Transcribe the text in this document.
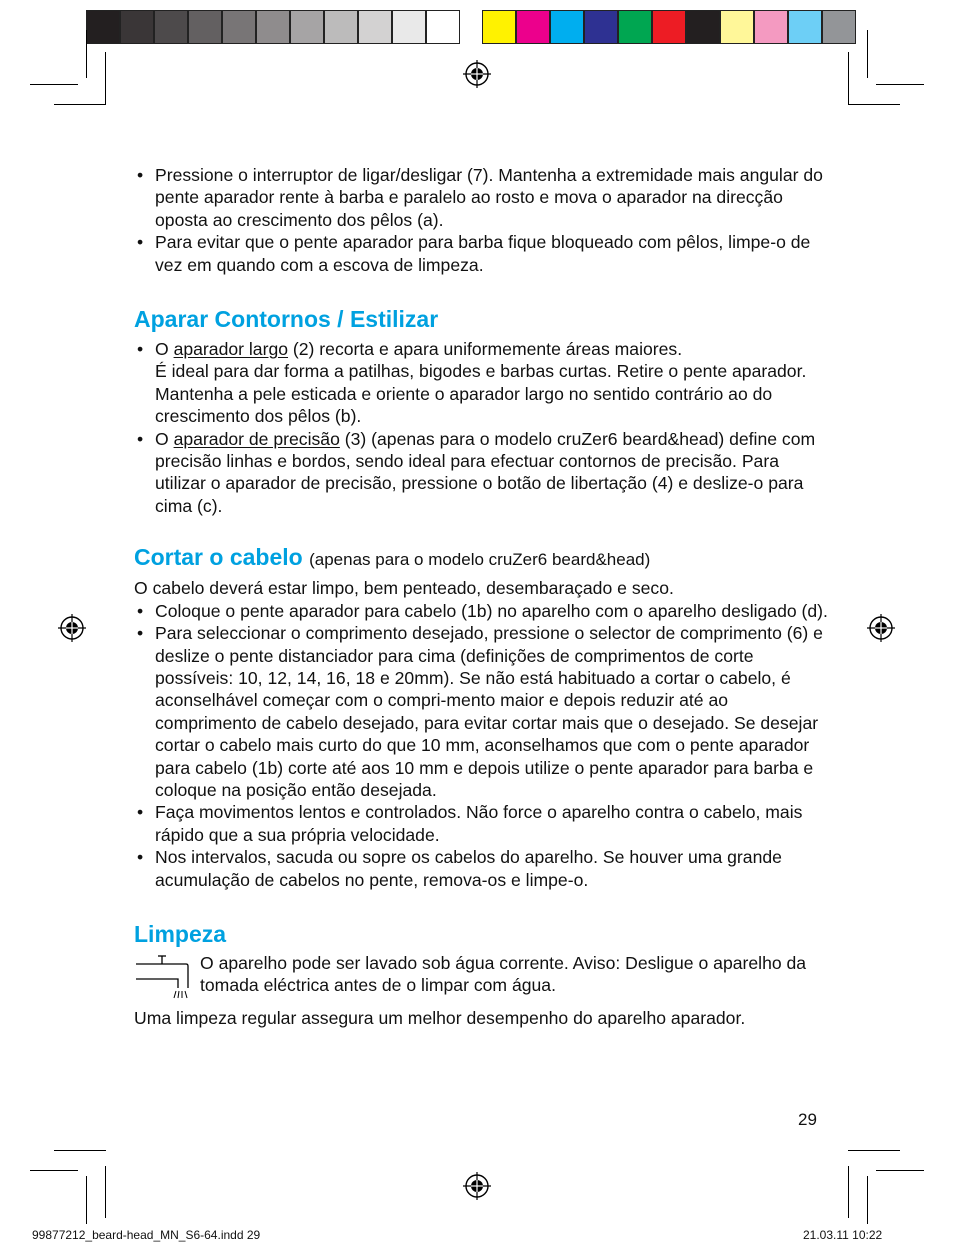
• Pressione o interruptor de ligar/desligar (7). Mantenha a extremidade mais angular do pente aparador rente à barba e paralelo ao rosto e mova o aparador na direcção oposta ao crescimento dos pêlos (a).
• Para evitar que o pente aparador para barba fique bloqueado com pêlos, limpe-o de vez em quando com a escova de limpeza.
Aparar Contornos / Estilizar
• O aparador largo (2) recorta e apara uniformemente áreas maiores.
É ideal para dar forma a patilhas, bigodes e barbas curtas. Retire o pente aparador. Mantenha a pele esticada e oriente o aparador largo no sentido contrário ao do crescimento dos pêlos (b).
• O aparador de precisão (3) (apenas para o modelo cruZer6 beard&head) define com precisão linhas e bordos, sendo ideal para efectuar contornos de precisão. Para utilizar o aparador de precisão, pressione o botão de libertação (4) e deslize-o para cima (c).
Cortar o cabelo (apenas para o modelo cruZer6 beard&head)
O cabelo deverá estar limpo, bem penteado, desembaraçado e seco.
• Coloque o pente aparador para cabelo (1b) no aparelho com o aparelho desligado (d).
• Para seleccionar o comprimento desejado, pressione o selector de comprimento (6) e deslize o pente distanciador para cima (definições de comprimentos de corte possíveis: 10, 12, 14, 16, 18 e 20mm). Se não está habituado a cortar o cabelo, é aconselhável começar com o compri-mento maior e depois reduzir até ao comprimento de cabelo desejado, para evitar cortar mais que o desejado. Se desejar cortar o cabelo mais curto do que 10 mm, aconselhamos que com o pente aparador para cabelo (1b) corte até aos 10 mm e depois utilize o pente aparador para barba e coloque na posição então desejada.
• Faça movimentos lentos e controlados. Não force o aparelho contra o cabelo, mais rápido que a sua própria velocidade.
• Nos intervalos, sacuda ou sopre os cabelos do aparelho. Se houver uma grande acumulação de cabelos no pente, remova-os e limpe-o.
Limpeza
O aparelho pode ser lavado sob água corrente. Aviso: Desligue o aparelho da tomada eléctrica antes de o limpar com água.
Uma limpeza regular assegura um melhor desempenho do aparelho aparador.
29
99877212_beard-head_MN_S6-64.indd 29	21.03.11 10:22
